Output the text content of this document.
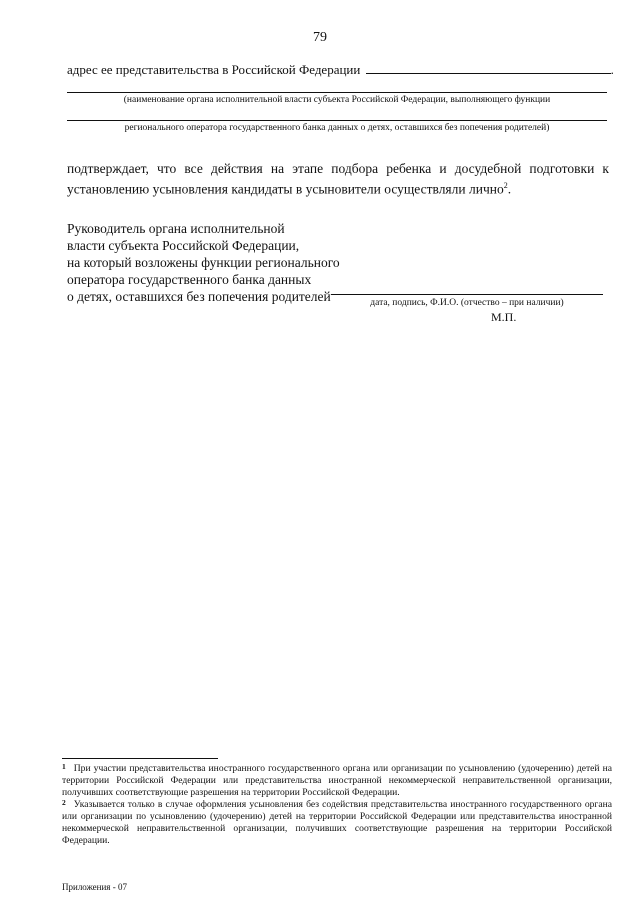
79
адрес ее представительства в Российской Федерации	.
(наименование органа исполнительной власти субъекта Российской Федерации, выполняющего функции
регионального оператора государственного банка данных о детях, оставшихся без попечения родителей)
подтверждает, что все действия на этапе подбора ребенка и досудебной подготовки к установлению усыновления кандидаты в усыновители осуществляли лично$^2$.
Руководитель органа исполнительной
власти субъекта Российской Федерации,
на который возложены функции регионального
оператора государственного банка данных
о детях, оставшихся без попечения родителей	дата, подпись, Ф.И.О. (отчество – при наличии)
М.П.
$^1$ При участии представительства иностранного государственного органа или организации по усыновлению (удочерению) детей на территории Российской Федерации или представительства иностранной некоммерческой неправительственной организации, получивших соответствующие разрешения на территории Российской Федерации.
$^2$ Указывается только в случае оформления усыновления без содействия представительства иностранного государственного органа или организации по усыновлению (удочерению) детей на территории Российской Федерации или представительства иностранной некоммерческой неправительственной организации, получивших соответствующие разрешения на территории Российской Федерации.
Приложения - 07
